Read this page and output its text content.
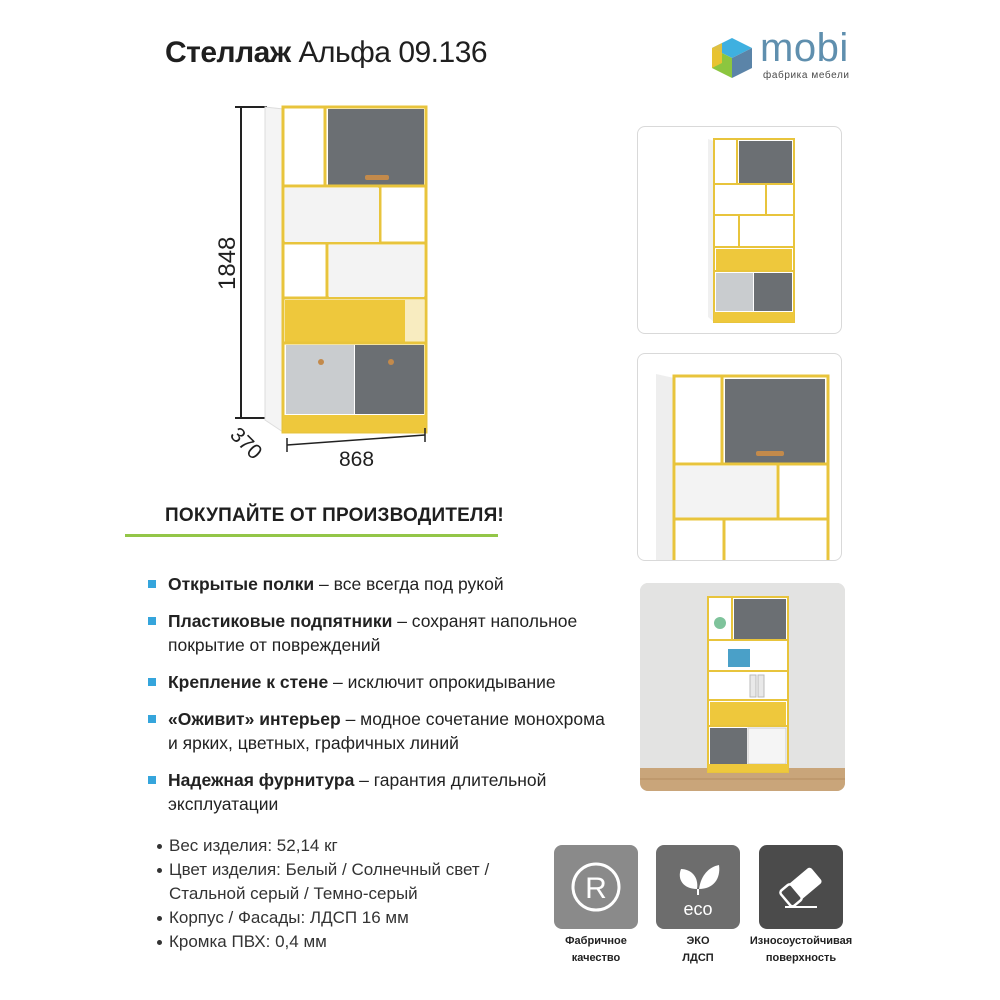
Стеллаж Альфа 09.136	mobi
фабрика мебели
1848
370	868
ПОКУПАЙТЕ ОТ ПРОИЗВОДИТЕЛЯ!
Открытые полки – все всегда под рукой
Пластиковые подпятники – сохранят напольное покрытие от повреждений
Крепление к стене – исключит опрокидывание
«Оживит» интерьер – модное сочетание монохрома и ярких, цветных, графичных линий
Надежная фурнитура – гарантия длительной эксплуатации
Вес изделия: 52,14 кг
Цвет изделия: Белый / Солнечный свет /
Стальной серый / Темно-серый
Корпус / Фасады: ЛДСП 16 мм
Кромка ПВХ: 0,4 мм
R
eco
Фабричное
качество
ЭКО
ЛДСП
Износоустойчивая
поверхность
